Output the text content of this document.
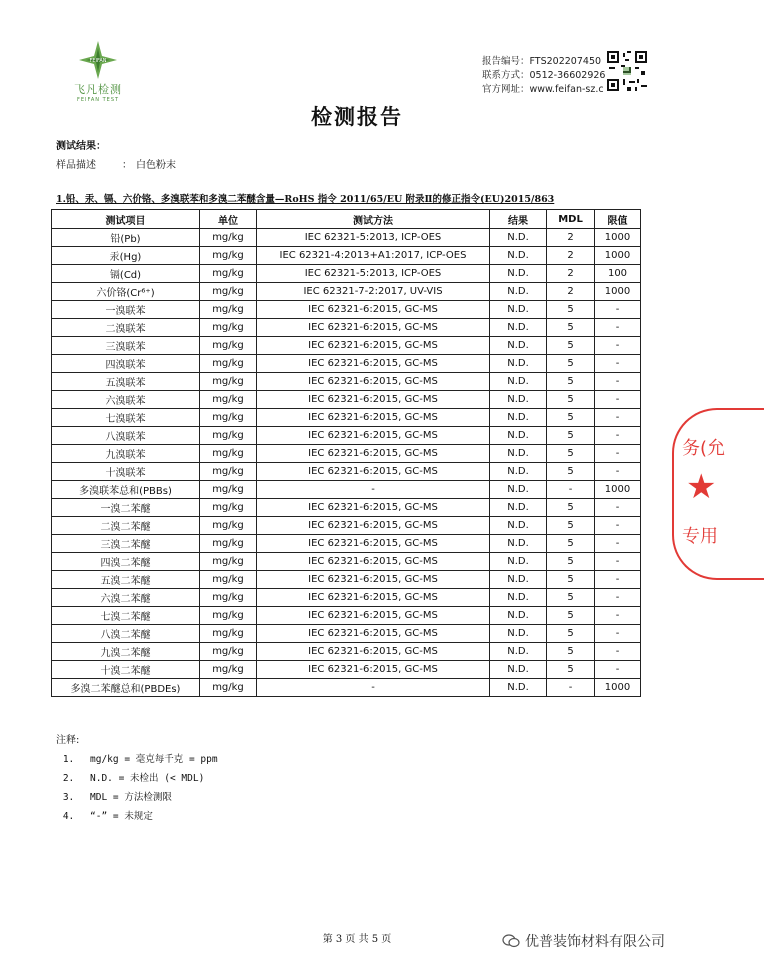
FEIFAN
飞凡检测
FEIFAN TEST
报告编号：FTS202207450
联系方式：0512-36602926
官方网址：www.feifan-sz.c
检测报告
测试结果：
样品描述	： 白色粉末
1.铅、汞、镉、六价铬、多溴联苯和多溴二苯醚含量—RoHS 指令 2011/65/EU 附录Ⅱ的修正指令(EU)2015/863
测试项目	单位	测试方法	结果	MDL	限值
铅(Pb)	mg/kg	IEC 62321-5:2013, ICP-OES	N.D.	2	1000
汞(Hg)	mg/kg	IEC 62321-4:2013+A1:2017, ICP-OES	N.D.	2	1000
镉(Cd)	mg/kg	IEC 62321-5:2013, ICP-OES	N.D.	2	100
六价铬(Cr⁶⁺)	mg/kg	IEC 62321-7-2:2017, UV-VIS	N.D.	2	1000
一溴联苯	mg/kg	IEC 62321-6:2015, GC-MS	N.D.	5	-
二溴联苯	mg/kg	IEC 62321-6:2015, GC-MS	N.D.	5	-
三溴联苯	mg/kg	IEC 62321-6:2015, GC-MS	N.D.	5	-
四溴联苯	mg/kg	IEC 62321-6:2015, GC-MS	N.D.	5	-
五溴联苯	mg/kg	IEC 62321-6:2015, GC-MS	N.D.	5	-
六溴联苯	mg/kg	IEC 62321-6:2015, GC-MS	N.D.	5	-
七溴联苯	mg/kg	IEC 62321-6:2015, GC-MS	N.D.	5	-
八溴联苯	mg/kg	IEC 62321-6:2015, GC-MS	N.D.	5	-
九溴联苯	mg/kg	IEC 62321-6:2015, GC-MS	N.D.	5	-
十溴联苯	mg/kg	IEC 62321-6:2015, GC-MS	N.D.	5	-
多溴联苯总和(PBBs)	mg/kg	-	N.D.	-	1000
一溴二苯醚	mg/kg	IEC 62321-6:2015, GC-MS	N.D.	5	-
二溴二苯醚	mg/kg	IEC 62321-6:2015, GC-MS	N.D.	5	-
三溴二苯醚	mg/kg	IEC 62321-6:2015, GC-MS	N.D.	5	-
四溴二苯醚	mg/kg	IEC 62321-6:2015, GC-MS	N.D.	5	-
五溴二苯醚	mg/kg	IEC 62321-6:2015, GC-MS	N.D.	5	-
六溴二苯醚	mg/kg	IEC 62321-6:2015, GC-MS	N.D.	5	-
七溴二苯醚	mg/kg	IEC 62321-6:2015, GC-MS	N.D.	5	-
八溴二苯醚	mg/kg	IEC 62321-6:2015, GC-MS	N.D.	5	-
九溴二苯醚	mg/kg	IEC 62321-6:2015, GC-MS	N.D.	5	-
十溴二苯醚	mg/kg	IEC 62321-6:2015, GC-MS	N.D.	5	-
多溴二苯醚总和(PBDEs)	mg/kg	-	N.D.	-	1000
注释:
1. mg/kg = 毫克每千克 = ppm
2. N.D. = 未检出 (< MDL)
3. MDL = 方法检测限
4. “-” = 未规定
务(允
★
专用
第 3 页 共 5 页	优普装饰材料有限公司
